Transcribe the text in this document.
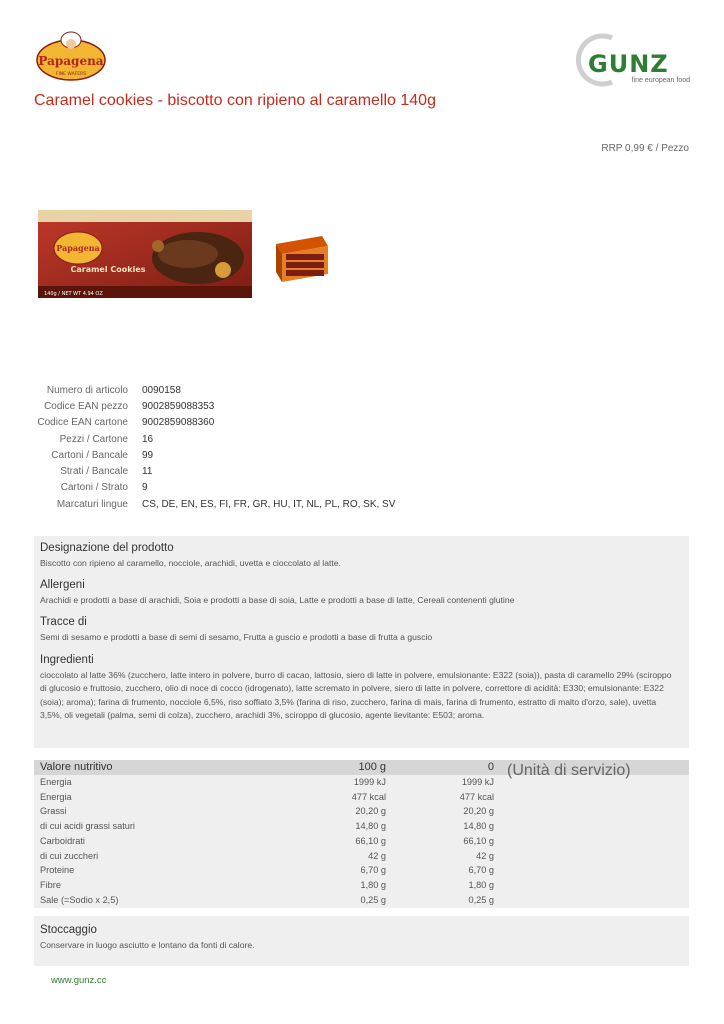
Papagena
FINE WAFERS	GUNZ
fine european food
Caramel cookies - biscotto con ripieno al caramello 140g
RRP 0,99 € / Pezzo
Papagena
Caramel Cookies
140g / NET WT 4.94 OZ
Numero di articolo	0090158
Codice EAN pezzo	9002859088353
Codice EAN cartone	9002859088360
Pezzi / Cartone	16
Cartoni / Bancale	99
Strati / Bancale	11
Cartoni / Strato	9
Marcaturi lingue	CS, DE, EN, ES, FI, FR, GR, HU, IT, NL, PL, RO, SK, SV
Designazione del prodotto

Biscotto con ripieno al caramello, nocciole, arachidi, uvetta e cioccolato al latte.

Allergeni

Arachidi e prodotti a base di arachidi, Soia e prodotti a base di soia, Latte e prodotti a base di latte, Cereali contenenti glutine

Tracce di

Semi di sesamo e prodotti a base di semi di sesamo, Frutta a guscio e prodotti a base di frutta a guscio

Ingredienti

cioccolato al latte 36% (zucchero, latte intero in polvere, burro di cacao, lattosio, siero di latte in polvere, emulsionante: E322 (soia)), pasta di caramello 29% (sciroppo di glucosio e fruttosio, zucchero, olio di noce di cocco (idrogenato), latte scremato in polvere, siero di latte in polvere, correttore di acidità: E330; emulsionante: E322 (soia); aroma); farina di frumento, nocciole 6,5%, riso soffiato 3,5% (farina di riso, zucchero, farina di mais, farina di frumento, estratto di malto d'orzo, sale), uvetta 3,5%, oli vegetali (palma, semi di colza), zucchero, arachidi 3%, sciroppo di glucosio, agente lievitante: E503; aroma.

Valore nutritivo	100 g	0 (Unità di servizio)
Energia	1999 kJ	1999 kJ
Energia	477 kcal	477 kcal
Grassi	20,20 g	20,20 g
di cui acidi grassi saturi	14,80 g	14,80 g
Carboidrati	66,10 g	66,10 g
di cui zuccheri	42 g	42 g
Proteine	6,70 g	6,70 g
Fibre	1,80 g	1,80 g
Sale (=Sodio x 2,5)	0,25 g	0,25 g
Stoccaggio

Conservare in luogo asciutto e lontano da fonti di calore.

www.gunz.cc
